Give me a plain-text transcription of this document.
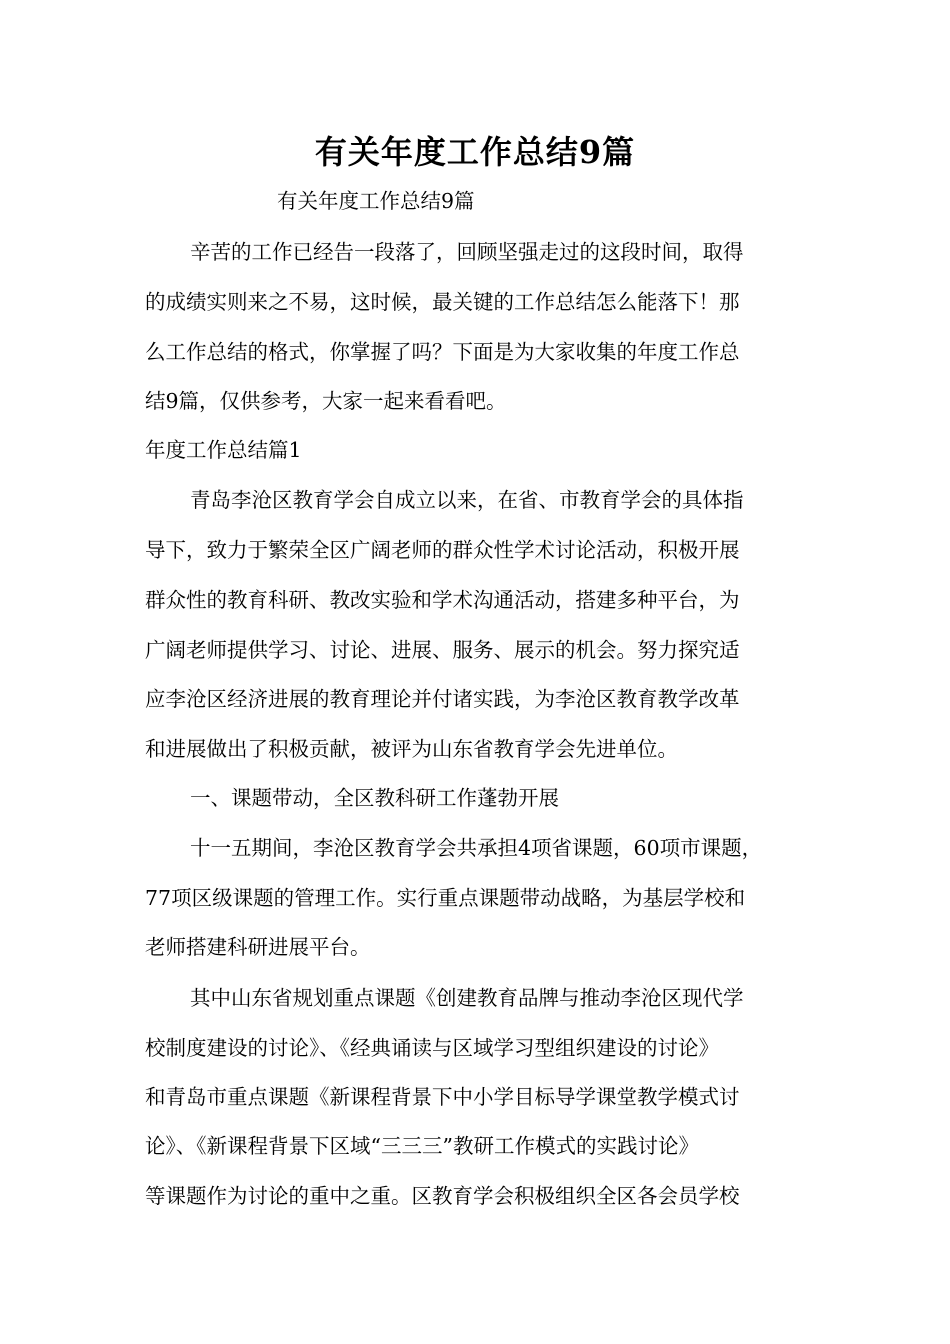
有关年度工作总结9篇
有关年度工作总结9篇
辛苦的工作已经告一段落了，回顾坚强走过的这段时间，取得
的成绩实则来之不易，这时候，最关键的工作总结怎么能落下！那
么工作总结的格式，你掌握了吗？下面是为大家收集的年度工作总
结9篇，仅供参考，大家一起来看看吧。
年度工作总结篇1
青岛李沧区教育学会自成立以来，在省、市教育学会的具体指
导下，致力于繁荣全区广阔老师的群众性学术讨论活动，积极开展
群众性的教育科研、教改实验和学术沟通活动，搭建多种平台，为
广阔老师提供学习、讨论、进展、服务、展示的机会。努力探究适
应李沧区经济进展的教育理论并付诸实践，为李沧区教育教学改革
和进展做出了积极贡献，被评为山东省教育学会先进单位。
一、课题带动，全区教科研工作蓬勃开展
十一五期间，李沧区教育学会共承担4项省课题，60项市课题，
77项区级课题的管理工作。实行重点课题带动战略，为基层学校和
老师搭建科研进展平台。
其中山东省规划重点课题《创建教育品牌与推动李沧区现代学
校制度建设的讨论》、《经典诵读与区域学习型组织建设的讨论》
和青岛市重点课题《新课程背景下中小学目标导学课堂教学模式讨
论》、《新课程背景下区域“三三三”教研工作模式的实践讨论》
等课题作为讨论的重中之重。区教育学会积极组织全区各会员学校
